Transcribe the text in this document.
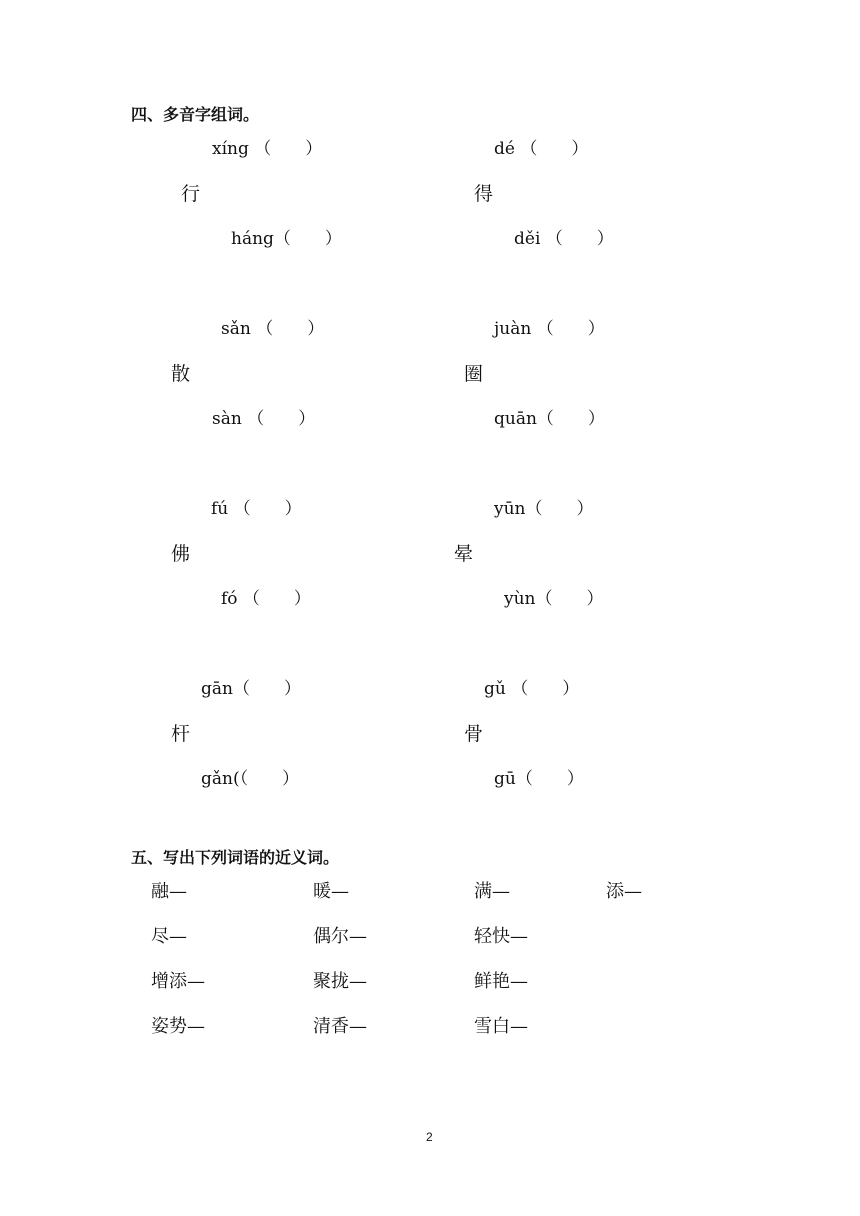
四、多音字组词。
xíng （　　）	dé （　　）
行	得
háng（　　）	děi （　　）
sǎn （　　）	juàn （　　）
散	圈
sàn （　　）	quān（　　）
fú （　　）	yūn（　　）
佛	晕
fó （　　）	yùn（　　）
gān（　　）	gǔ （　　）
杆	骨
gǎn(（　　）	gū（　　）
五、写出下列词语的近义词。
融—	暖—	满—	添—
尽—	偶尔—	轻快—
增添—	聚拢—	鲜艳—
姿势—	清香—	雪白—
2
